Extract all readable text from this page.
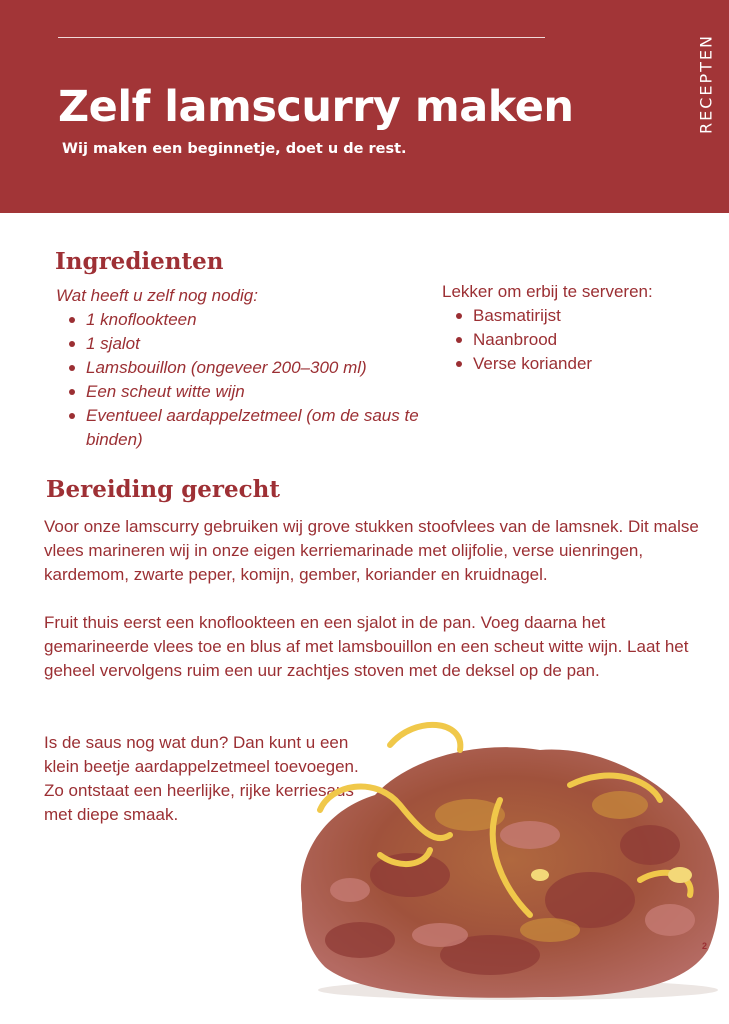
Zelf lamscurry maken

Wij maken een beginnetje, doet u de rest.

RECEPTEN
Ingredienten
Wat heeft u zelf nog nodig:
1 knoflookteen
1 sjalot
Lamsbouillon (ongeveer 200–300 ml)
Een scheut witte wijn
Eventueel aardappelzetmeel (om de saus te binden)
Lekker om erbij te serveren:
Basmatirijst
Naanbrood
Verse koriander
Bereiding gerecht

Voor onze lamscurry gebruiken wij grove stukken stoofvlees van de lamsnek. Dit malse vlees marineren wij in onze eigen kerriemarinade met olijfolie, verse uienringen, kardemom, zwarte peper, komijn, gember, koriander en kruidnagel.

Fruit thuis eerst een knoflookteen en een sjalot in de pan. Voeg daarna het gemarineerde vlees toe en blus af met lamsbouillon en een scheut witte wijn. Laat het geheel vervolgens ruim een uur zachtjes stoven met de deksel op de pan.

Is de saus nog wat dun? Dan kunt u een klein beetje aardappelzetmeel toevoegen. Zo ontstaat een heerlijke, rijke kerriesaus met diepe smaak.

2
